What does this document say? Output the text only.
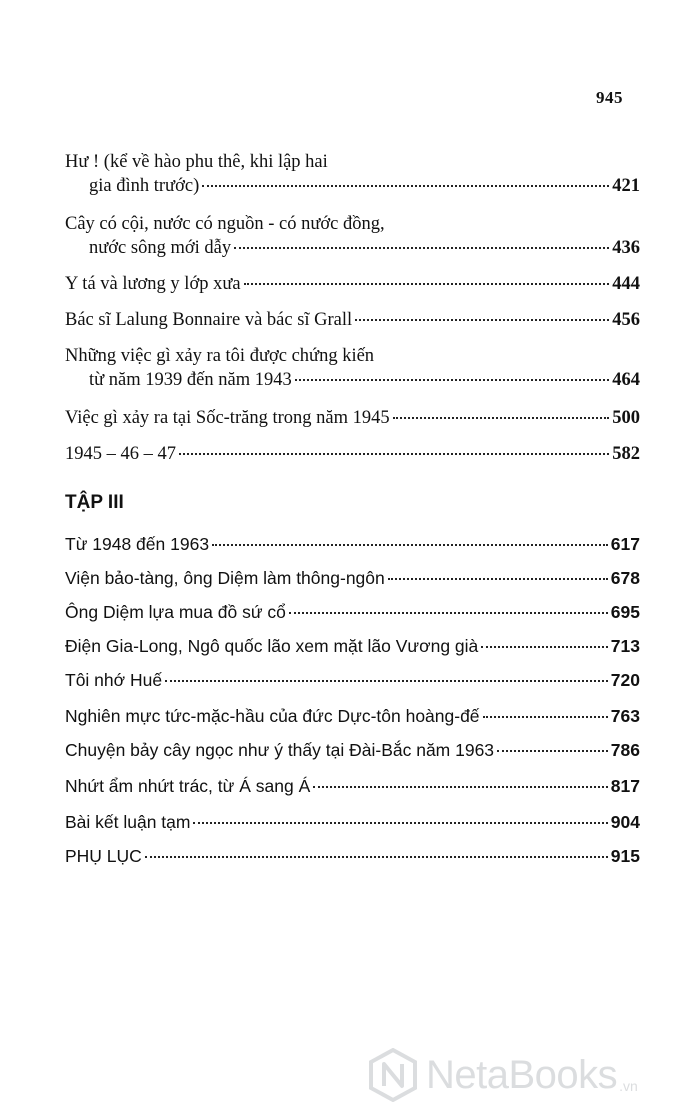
945
Hư ! (kể về hào phu thê, khi lập hai
gia đình trước)	421
Cây có cội, nước có nguồn - có nước đồng,
nước sông mới dẫy	436
Y tá và lương y lớp xưa	444
Bác sĩ Lalung Bonnaire và bác sĩ Grall	456
Những việc gì xảy ra tôi được chứng kiến
từ năm 1939 đến năm 1943	464
Việc gì xảy ra tại Sốc-trăng trong năm 1945	500
1945 – 46 – 47	582
TẬP III
Từ 1948 đến 1963	617
Viện bảo-tàng, ông Diệm làm thông-ngôn	678
Ông Diệm lựa mua đồ sứ cổ	695
Điện Gia-Long, Ngô quốc lão xem mặt lão Vương già	713
Tôi nhớ Huế	720
Nghiên mực tức-mặc-hầu của đức Dực-tôn hoàng-đế	763
Chuyện bảy cây ngọc như ý thấy tại Đài-Bắc năm 1963	786
Nhứt ẩm nhứt trác, từ Á sang Á	817
Bài kết luận tạm	904
PHỤ LỤC	915
NetaBooks .vn
